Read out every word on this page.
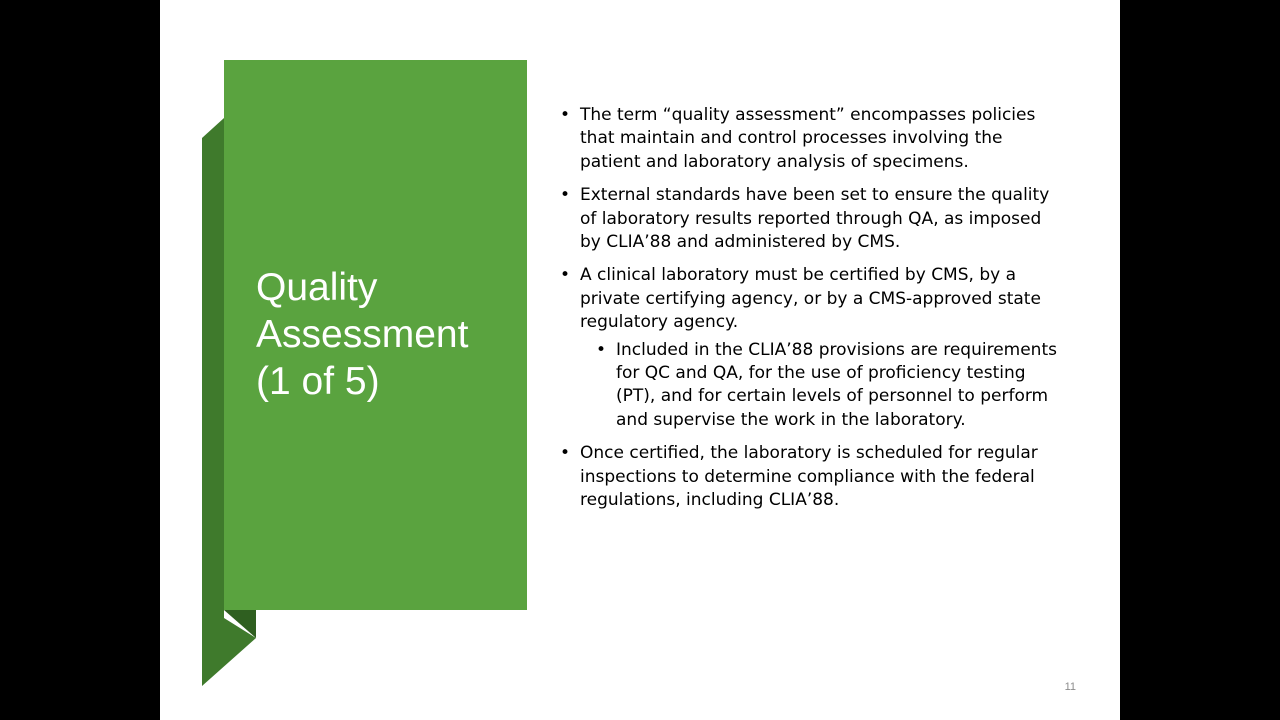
Quality
Assessment
(1 of 5)
• The term “quality assessment” encompasses policies that maintain and control processes involving the patient and laboratory analysis of specimens.
• External standards have been set to ensure the quality of laboratory results reported through QA, as imposed by CLIA’88 and administered by CMS.
• A clinical laboratory must be certified by CMS, by a private certifying agency, or by a CMS-approved state regulatory agency.
• Included in the CLIA’88 provisions are requirements for QC and QA, for the use of proficiency testing (PT), and for certain levels of personnel to perform and supervise the work in the laboratory.
• Once certified, the laboratory is scheduled for regular inspections to determine compliance with the federal regulations, including CLIA’88.
11
